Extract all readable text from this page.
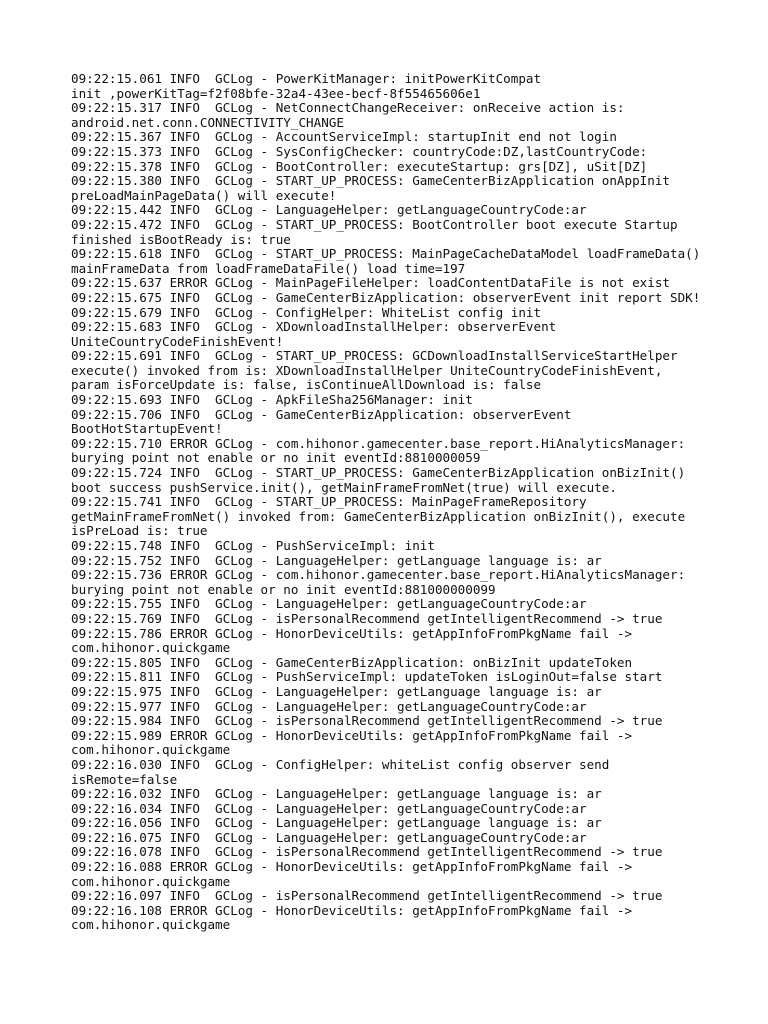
09:22:15.061 INFO  GCLog - PowerKitManager: initPowerKitCompat
init ,powerKitTag=f2f08bfe-32a4-43ee-becf-8f55465606e1
09:22:15.317 INFO  GCLog - NetConnectChangeReceiver: onReceive action is:
android.net.conn.CONNECTIVITY_CHANGE
09:22:15.367 INFO  GCLog - AccountServiceImpl: startupInit end not login
09:22:15.373 INFO  GCLog - SysConfigChecker: countryCode:DZ,lastCountryCode:
09:22:15.378 INFO  GCLog - BootController: executeStartup: grs[DZ], uSit[DZ]
09:22:15.380 INFO  GCLog - START_UP_PROCESS: GameCenterBizApplication onAppInit
preLoadMainPageData() will execute!
09:22:15.442 INFO  GCLog - LanguageHelper: getLanguageCountryCode:ar
09:22:15.472 INFO  GCLog - START_UP_PROCESS: BootController boot execute Startup
finished isBootReady is: true
09:22:15.618 INFO  GCLog - START_UP_PROCESS: MainPageCacheDataModel loadFrameData()
mainFrameData from loadFrameDataFile() load time=197
09:22:15.637 ERROR GCLog - MainPageFileHelper: loadContentDataFile is not exist
09:22:15.675 INFO  GCLog - GameCenterBizApplication: observerEvent init report SDK!
09:22:15.679 INFO  GCLog - ConfigHelper: WhiteList config init
09:22:15.683 INFO  GCLog - XDownloadInstallHelper: observerEvent
UniteCountryCodeFinishEvent!
09:22:15.691 INFO  GCLog - START_UP_PROCESS: GCDownloadInstallServiceStartHelper
execute() invoked from is: XDownloadInstallHelper UniteCountryCodeFinishEvent,
param isForceUpdate is: false, isContinueAllDownload is: false
09:22:15.693 INFO  GCLog - ApkFileSha256Manager: init
09:22:15.706 INFO  GCLog - GameCenterBizApplication: observerEvent
BootHotStartupEvent!
09:22:15.710 ERROR GCLog - com.hihonor.gamecenter.base_report.HiAnalyticsManager:
burying point not enable or no init eventId:8810000059
09:22:15.724 INFO  GCLog - START_UP_PROCESS: GameCenterBizApplication onBizInit()
boot success pushService.init(), getMainFrameFromNet(true) will execute.
09:22:15.741 INFO  GCLog - START_UP_PROCESS: MainPageFrameRepository
getMainFrameFromNet() invoked from: GameCenterBizApplication onBizInit(), execute
isPreLoad is: true
09:22:15.748 INFO  GCLog - PushServiceImpl: init
09:22:15.752 INFO  GCLog - LanguageHelper: getLanguage language is: ar
09:22:15.736 ERROR GCLog - com.hihonor.gamecenter.base_report.HiAnalyticsManager:
burying point not enable or no init eventId:881000000099
09:22:15.755 INFO  GCLog - LanguageHelper: getLanguageCountryCode:ar
09:22:15.769 INFO  GCLog - isPersonalRecommend getIntelligentRecommend -> true
09:22:15.786 ERROR GCLog - HonorDeviceUtils: getAppInfoFromPkgName fail ->
com.hihonor.quickgame
09:22:15.805 INFO  GCLog - GameCenterBizApplication: onBizInit updateToken
09:22:15.811 INFO  GCLog - PushServiceImpl: updateToken isLoginOut=false start
09:22:15.975 INFO  GCLog - LanguageHelper: getLanguage language is: ar
09:22:15.977 INFO  GCLog - LanguageHelper: getLanguageCountryCode:ar
09:22:15.984 INFO  GCLog - isPersonalRecommend getIntelligentRecommend -> true
09:22:15.989 ERROR GCLog - HonorDeviceUtils: getAppInfoFromPkgName fail ->
com.hihonor.quickgame
09:22:16.030 INFO  GCLog - ConfigHelper: whiteList config observer send
isRemote=false
09:22:16.032 INFO  GCLog - LanguageHelper: getLanguage language is: ar
09:22:16.034 INFO  GCLog - LanguageHelper: getLanguageCountryCode:ar
09:22:16.056 INFO  GCLog - LanguageHelper: getLanguage language is: ar
09:22:16.075 INFO  GCLog - LanguageHelper: getLanguageCountryCode:ar
09:22:16.078 INFO  GCLog - isPersonalRecommend getIntelligentRecommend -> true
09:22:16.088 ERROR GCLog - HonorDeviceUtils: getAppInfoFromPkgName fail ->
com.hihonor.quickgame
09:22:16.097 INFO  GCLog - isPersonalRecommend getIntelligentRecommend -> true
09:22:16.108 ERROR GCLog - HonorDeviceUtils: getAppInfoFromPkgName fail ->
com.hihonor.quickgame
